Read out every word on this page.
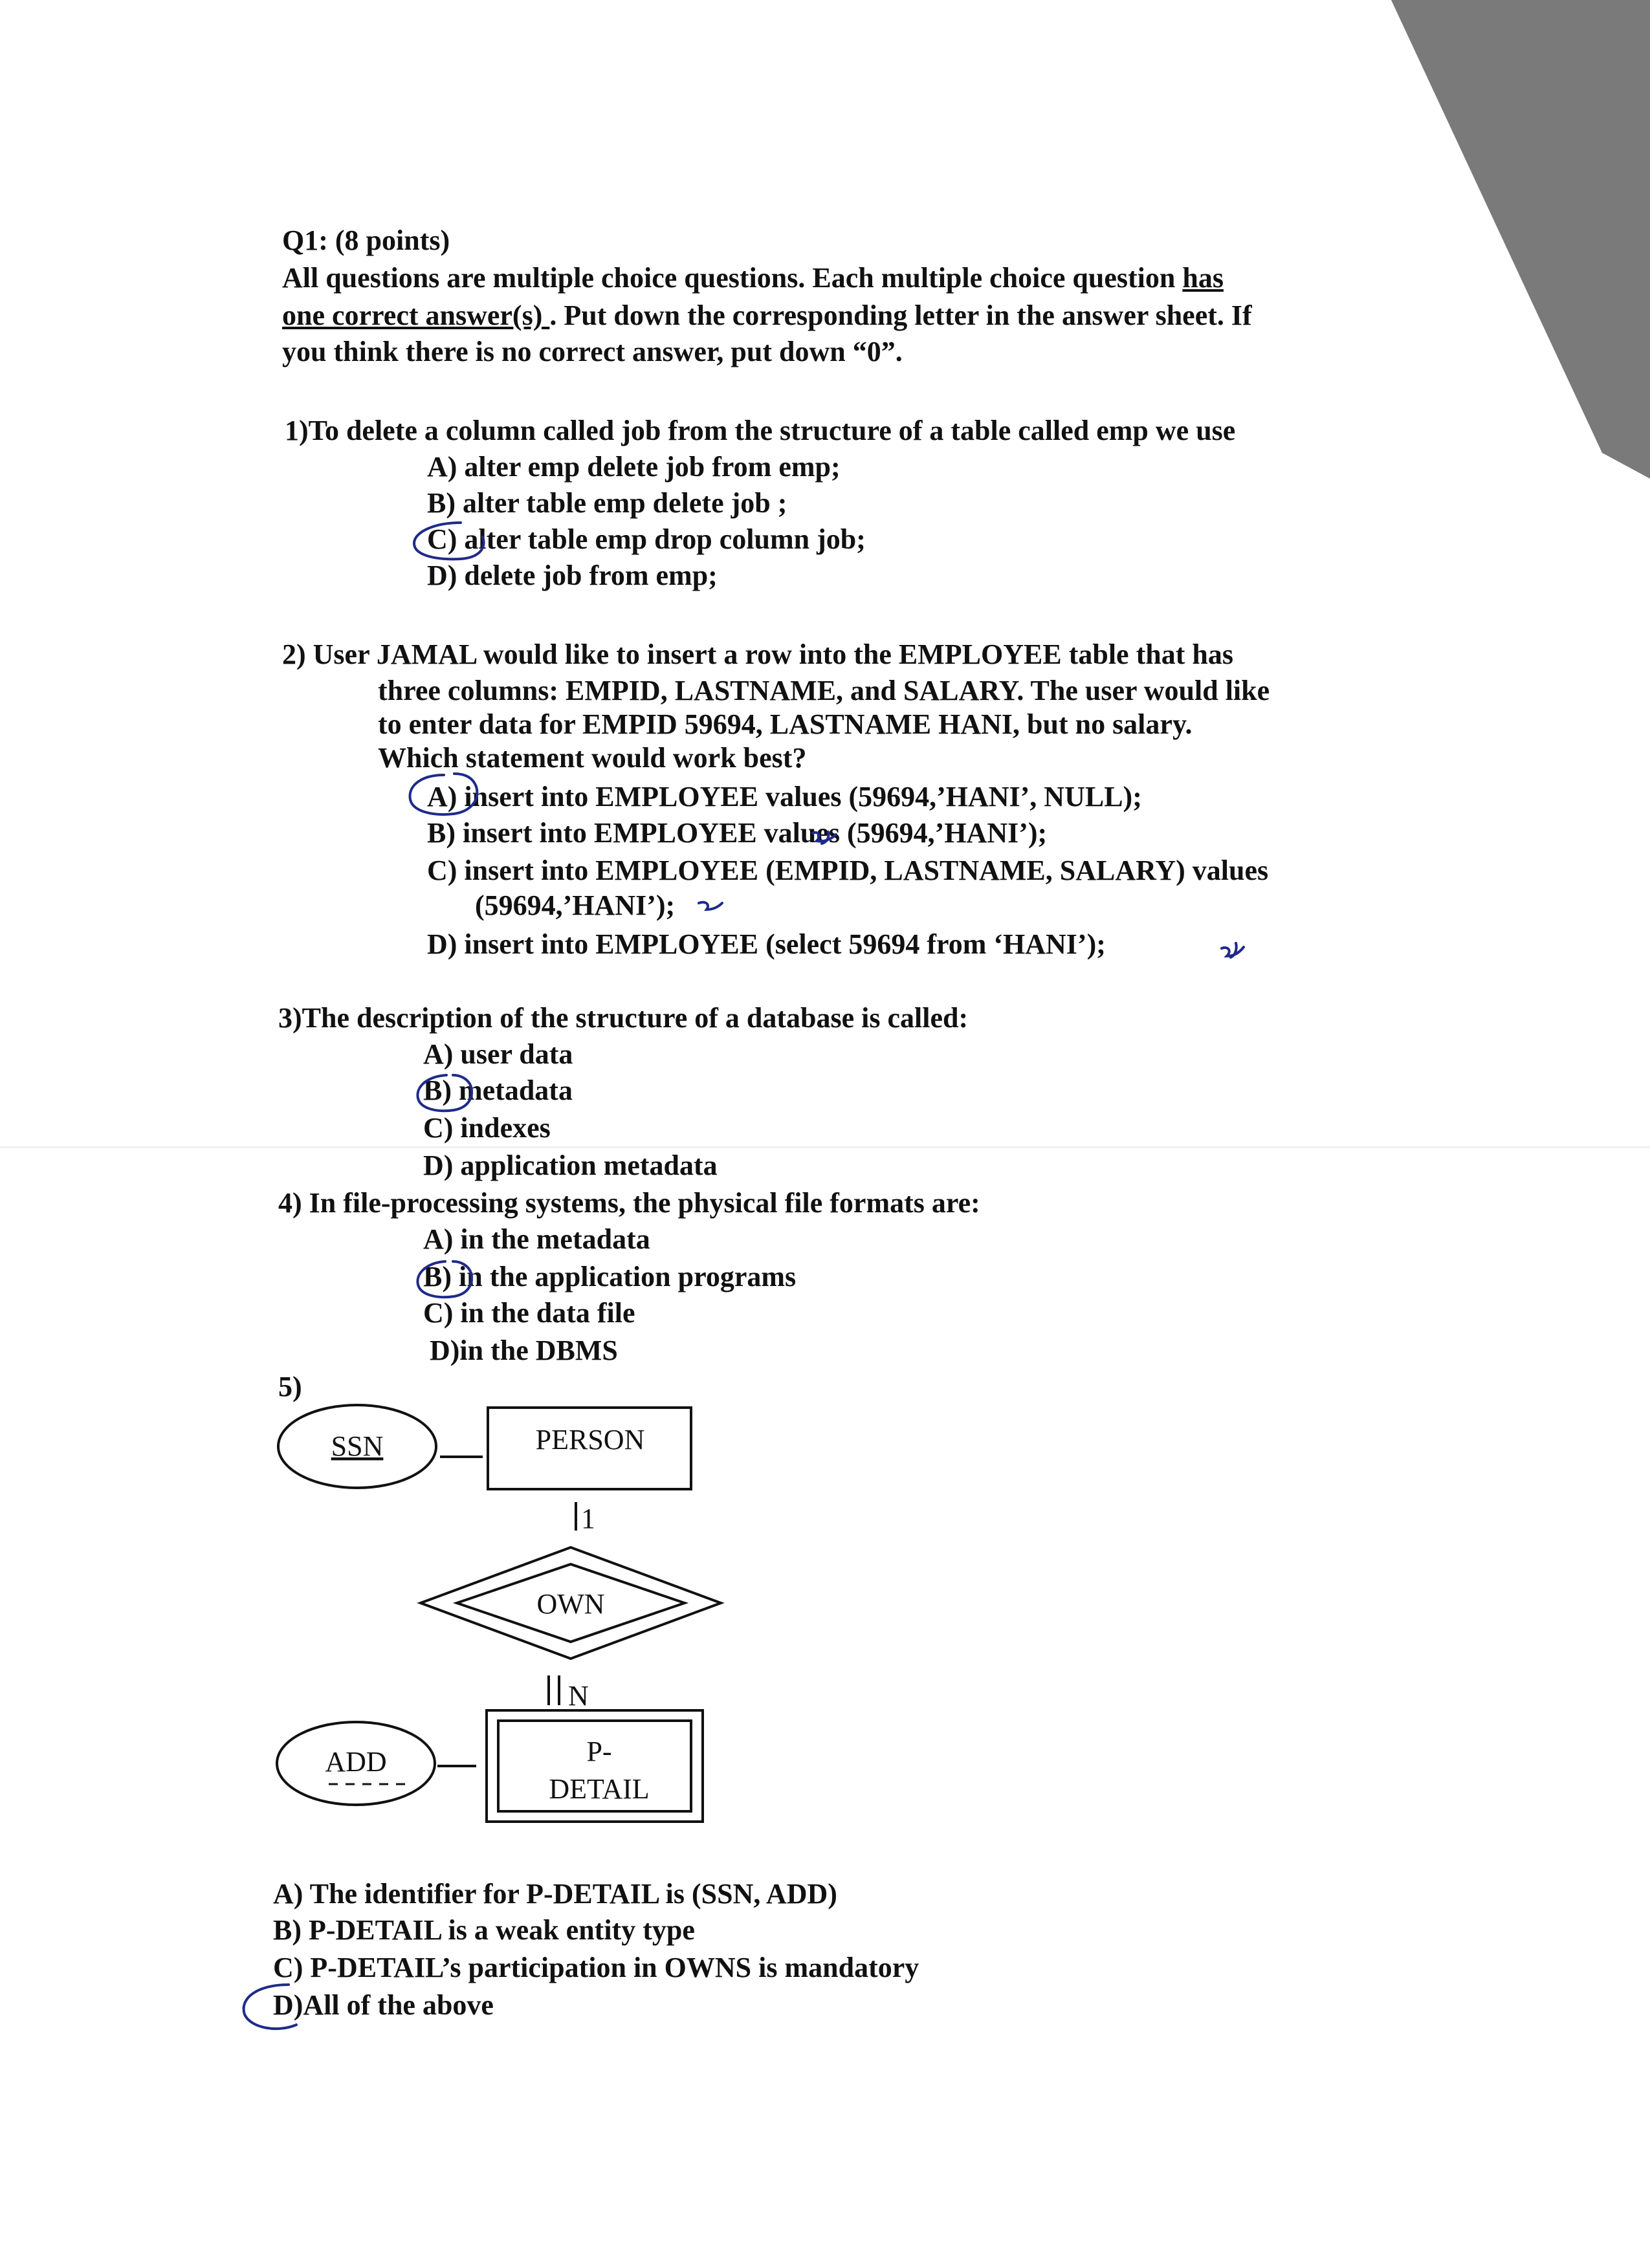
Q1: (8 points)
All questions are multiple choice questions. Each multiple choice question has
one correct answer(s) . Put down the corresponding letter in the answer sheet. If
you think there is no correct answer, put down “0”.
1)To delete a column called job from the structure of a table called emp we use
A) alter emp delete job from emp;
B) alter table emp delete job ;
C) alter table emp drop column job;
D) delete job from emp;
2) User JAMAL would like to insert a row into the EMPLOYEE table that has
three columns: EMPID, LASTNAME, and SALARY. The user would like
to enter data for EMPID 59694, LASTNAME HANI, but no salary.
Which statement would work best?
A) insert into EMPLOYEE values (59694,’HANI’, NULL);
B) insert into EMPLOYEE values (59694,’HANI’);
C) insert into EMPLOYEE (EMPID, LASTNAME, SALARY) values
(59694,’HANI’);
D) insert into EMPLOYEE (select 59694 from ‘HANI’);
3)The description of the structure of a database is called:
A) user data
B) metadata
C) indexes
D) application metadata
4) In file-processing systems, the physical file formats are:
A) in the metadata
B) in the application programs
C) in the data file
D)in the DBMS
5)
SSN	PERSON
1
OWN
N
ADD	P-
DETAIL
A) The identifier for P-DETAIL is (SSN, ADD)
B) P-DETAIL is a weak entity type
C) P-DETAIL’s participation in OWNS is mandatory
D)All of the above
